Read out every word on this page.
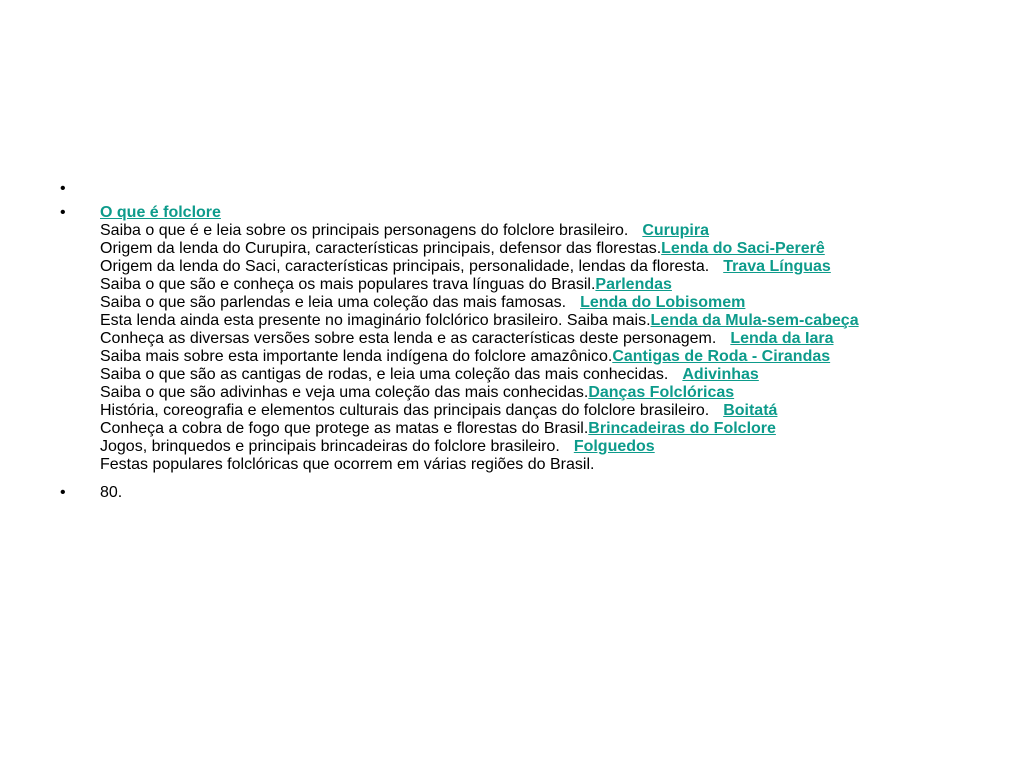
•
•	O que é folclore
Saiba o que é e leia sobre os principais personagens do folclore brasileiro. Curupira
Origem da lenda do Curupira, características principais, defensor das florestas.Lenda do Saci-Pererê
Origem da lenda do Saci, características principais, personalidade, lendas da floresta. Trava Línguas
Saiba o que são e conheça os mais populares trava línguas do Brasil.Parlendas
Saiba o que são parlendas e leia uma coleção das mais famosas. Lenda do Lobisomem
Esta lenda ainda esta presente no imaginário folclórico brasileiro. Saiba mais.Lenda da Mula-sem-cabeça
Conheça as diversas versões sobre esta lenda e as características deste personagem. Lenda da Iara
Saiba mais sobre esta importante lenda indígena do folclore amazônico.Cantigas de Roda - Cirandas
Saiba o que são as cantigas de rodas, e leia uma coleção das mais conhecidas. Adivinhas
Saiba o que são adivinhas e veja uma coleção das mais conhecidas.Danças Folclóricas
História, coreografia e elementos culturais das principais danças do folclore brasileiro. Boitatá
Conheça a cobra de fogo que protege as matas e florestas do Brasil.Brincadeiras do Folclore
Jogos, brinquedos e principais brincadeiras do folclore brasileiro. Folguedos
Festas populares folclóricas que ocorrem em várias regiões do Brasil.
•	80.
